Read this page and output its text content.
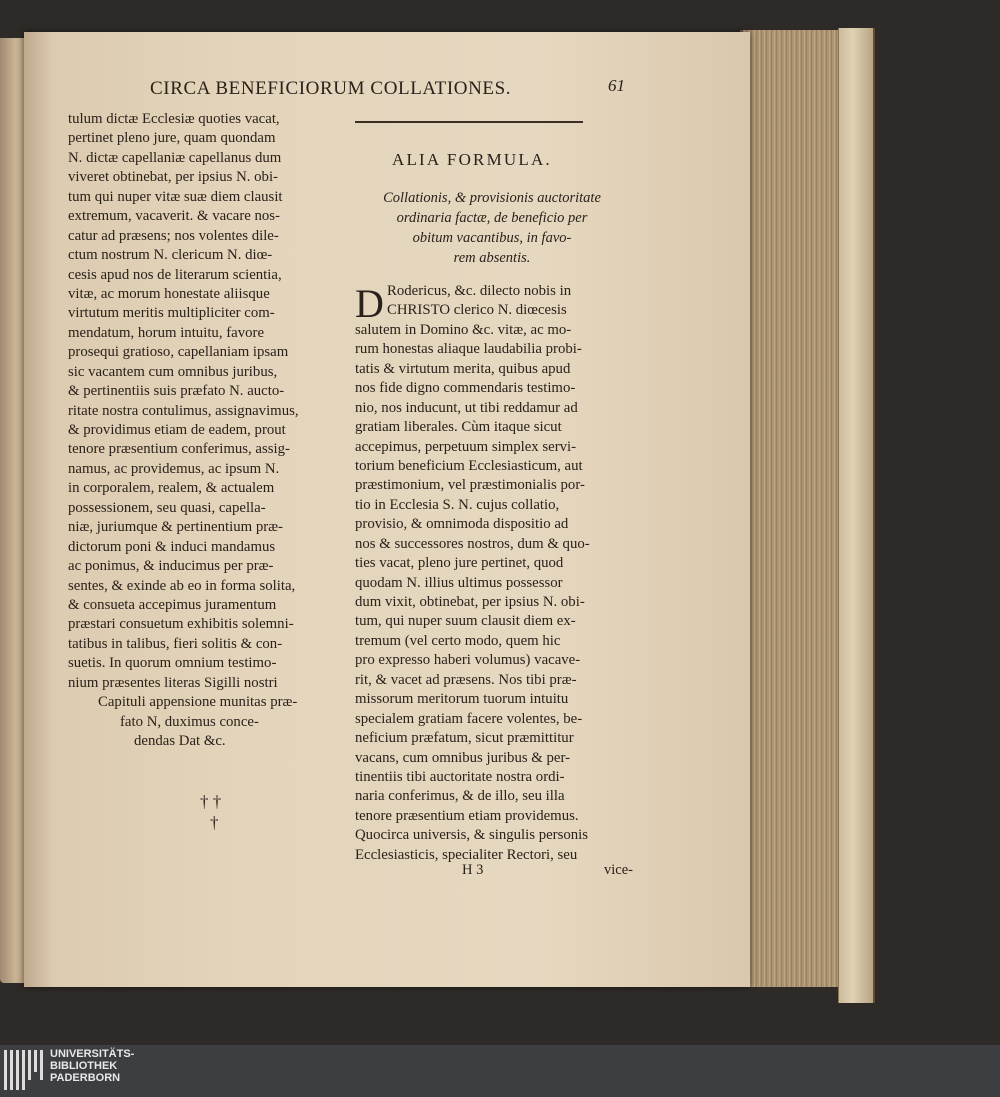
CIRCA BENEFICIORUM COLLATIONES.	61
tulum dictæ Ecclesiæ quoties vacat,
pertinet pleno jure, quam quondam
N. dictæ capellaniæ capellanus dum
viveret obtinebat, per ipsius N. obi-
tum qui nuper vitæ suæ diem clausit
extremum, vacaverit. & vacare nos-
catur ad præsens; nos volentes dile-
ctum nostrum N. clericum N. diœ-
cesis apud nos de literarum scientia,
vitæ, ac morum honestate aliisque
virtutum meritis multipliciter com-
mendatum, horum intuitu, favore
prosequi gratioso, capellaniam ipsam
sic vacantem cum omnibus juribus,
& pertinentiis suis præfato N. aucto-
ritate nostra contulimus, assignavimus,
& providimus etiam de eadem, prout
tenore præsentium conferimus, assig-
namus, ac providemus, ac ipsum N.
in corporalem, realem, & actualem
possessionem, seu quasi, capella-
niæ, juriumque & pertinentium præ-
dictorum poni & induci mandamus
ac ponimus, & inducimus per præ-
sentes, & exinde ab eo in forma solita,
& consueta accepimus juramentum
præstari consuetum exhibitis solemni-
tatibus in talibus, fieri solitis & con-
suetis. In quorum omnium testimo-
nium præsentes literas Sigilli nostri
Capituli appensione munitas præ-
fato N, duximus conce-
dendas Dat &c.
† †
†
ALIA FORMULA.
Collationis, & provisionis auctoritate
ordinaria factæ, de beneficio per
obitum vacantibus, in favo-
rem absentis.
D Rodericus, &c. dilecto nobis in
CHRISTO clerico N. diœcesis
salutem in Domino &c. vitæ, ac mo-
rum honestas aliaque laudabilia probi-
tatis & virtutum merita, quibus apud
nos fide digno commendaris testimo-
nio, nos inducunt, ut tibi reddamur ad
gratiam liberales. Cùm itaque sicut
accepimus, perpetuum simplex servi-
torium beneficium Ecclesiasticum, aut
præstimonium, vel præstimonialis por-
tio in Ecclesia S. N. cujus collatio,
provisio, & omnimoda dispositio ad
nos & successores nostros, dum & quo-
ties vacat, pleno jure pertinet, quod
quodam N. illius ultimus possessor
dum vixit, obtinebat, per ipsius N. obi-
tum, qui nuper suum clausit diem ex-
tremum (vel certo modo, quem hic
pro expresso haberi volumus) vacave-
rit, & vacet ad præsens. Nos tibi præ-
missorum meritorum tuorum intuitu
specialem gratiam facere volentes, be-
neficium præfatum, sicut præmittitur
vacans, cum omnibus juribus & per-
tinentiis tibi auctoritate nostra ordi-
naria conferimus, & de illo, seu illa
tenore præsentium etiam providemus.
Quocirca universis, & singulis personis
Ecclesiasticis, specialiter Rectori, seu
H 3	vice-
UNIVERSITÄTS-
BIBLIOTHEK
PADERBORN
